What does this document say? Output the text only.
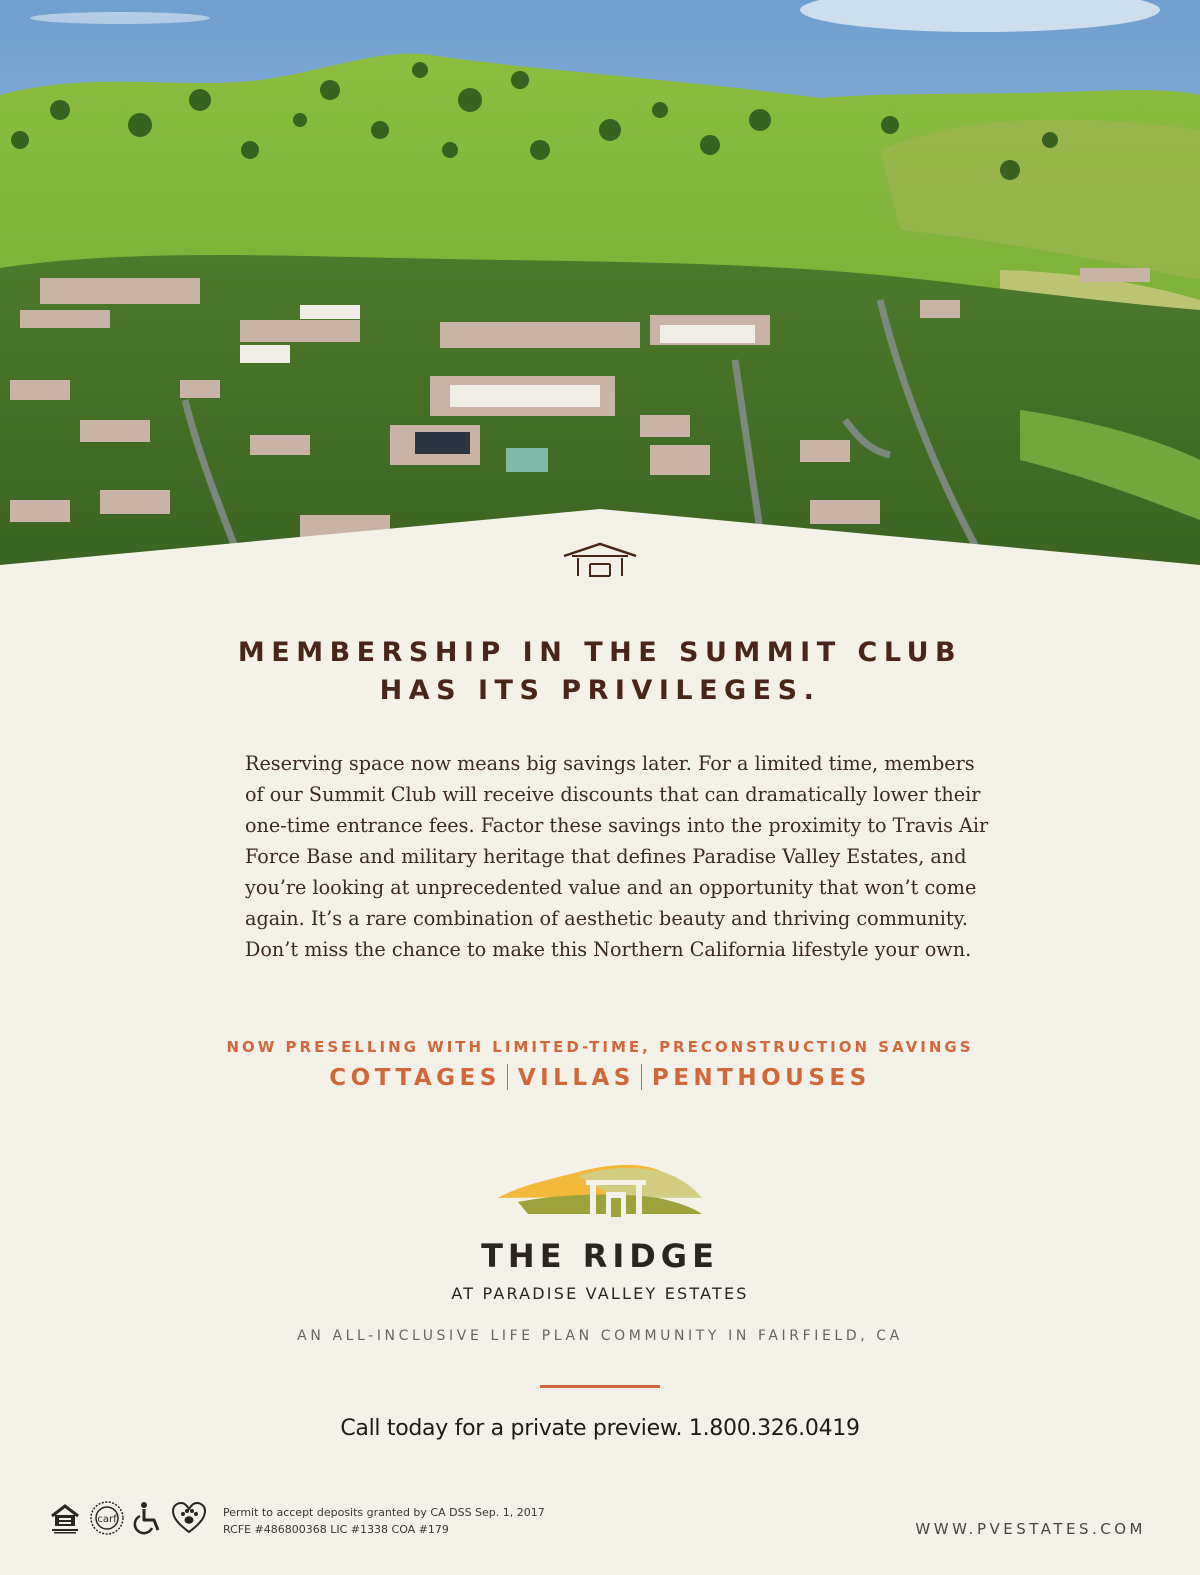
MEMBERSHIP IN THE SUMMIT CLUB
HAS ITS PRIVILEGES.

Reserving space now means big savings later. For a limited time, members
of our Summit Club will receive discounts that can dramatically lower their
one-time entrance fees. Factor these savings into the proximity to Travis Air
Force Base and military heritage that defines Paradise Valley Estates, and
you’re looking at unprecedented value and an opportunity that won’t come
again. It’s a rare combination of aesthetic beauty and thriving community.
Don’t miss the chance to make this Northern California lifestyle your own.

NOW PRESELLING WITH LIMITED-TIME, PRECONSTRUCTION SAVINGS

COTTAGES VILLAS PENTHOUSES
THE RIDGE
AT PARADISE VALLEY ESTATES
AN ALL-INCLUSIVE LIFE PLAN COMMUNITY IN FAIRFIELD, CA
Call today for a private preview. 1.800.326.0419
carf
Permit to accept deposits granted by CA DSS Sep. 1, 2017
RCFE #486800368 LIC #1338 COA #179	WWW.PVESTATES.COM
